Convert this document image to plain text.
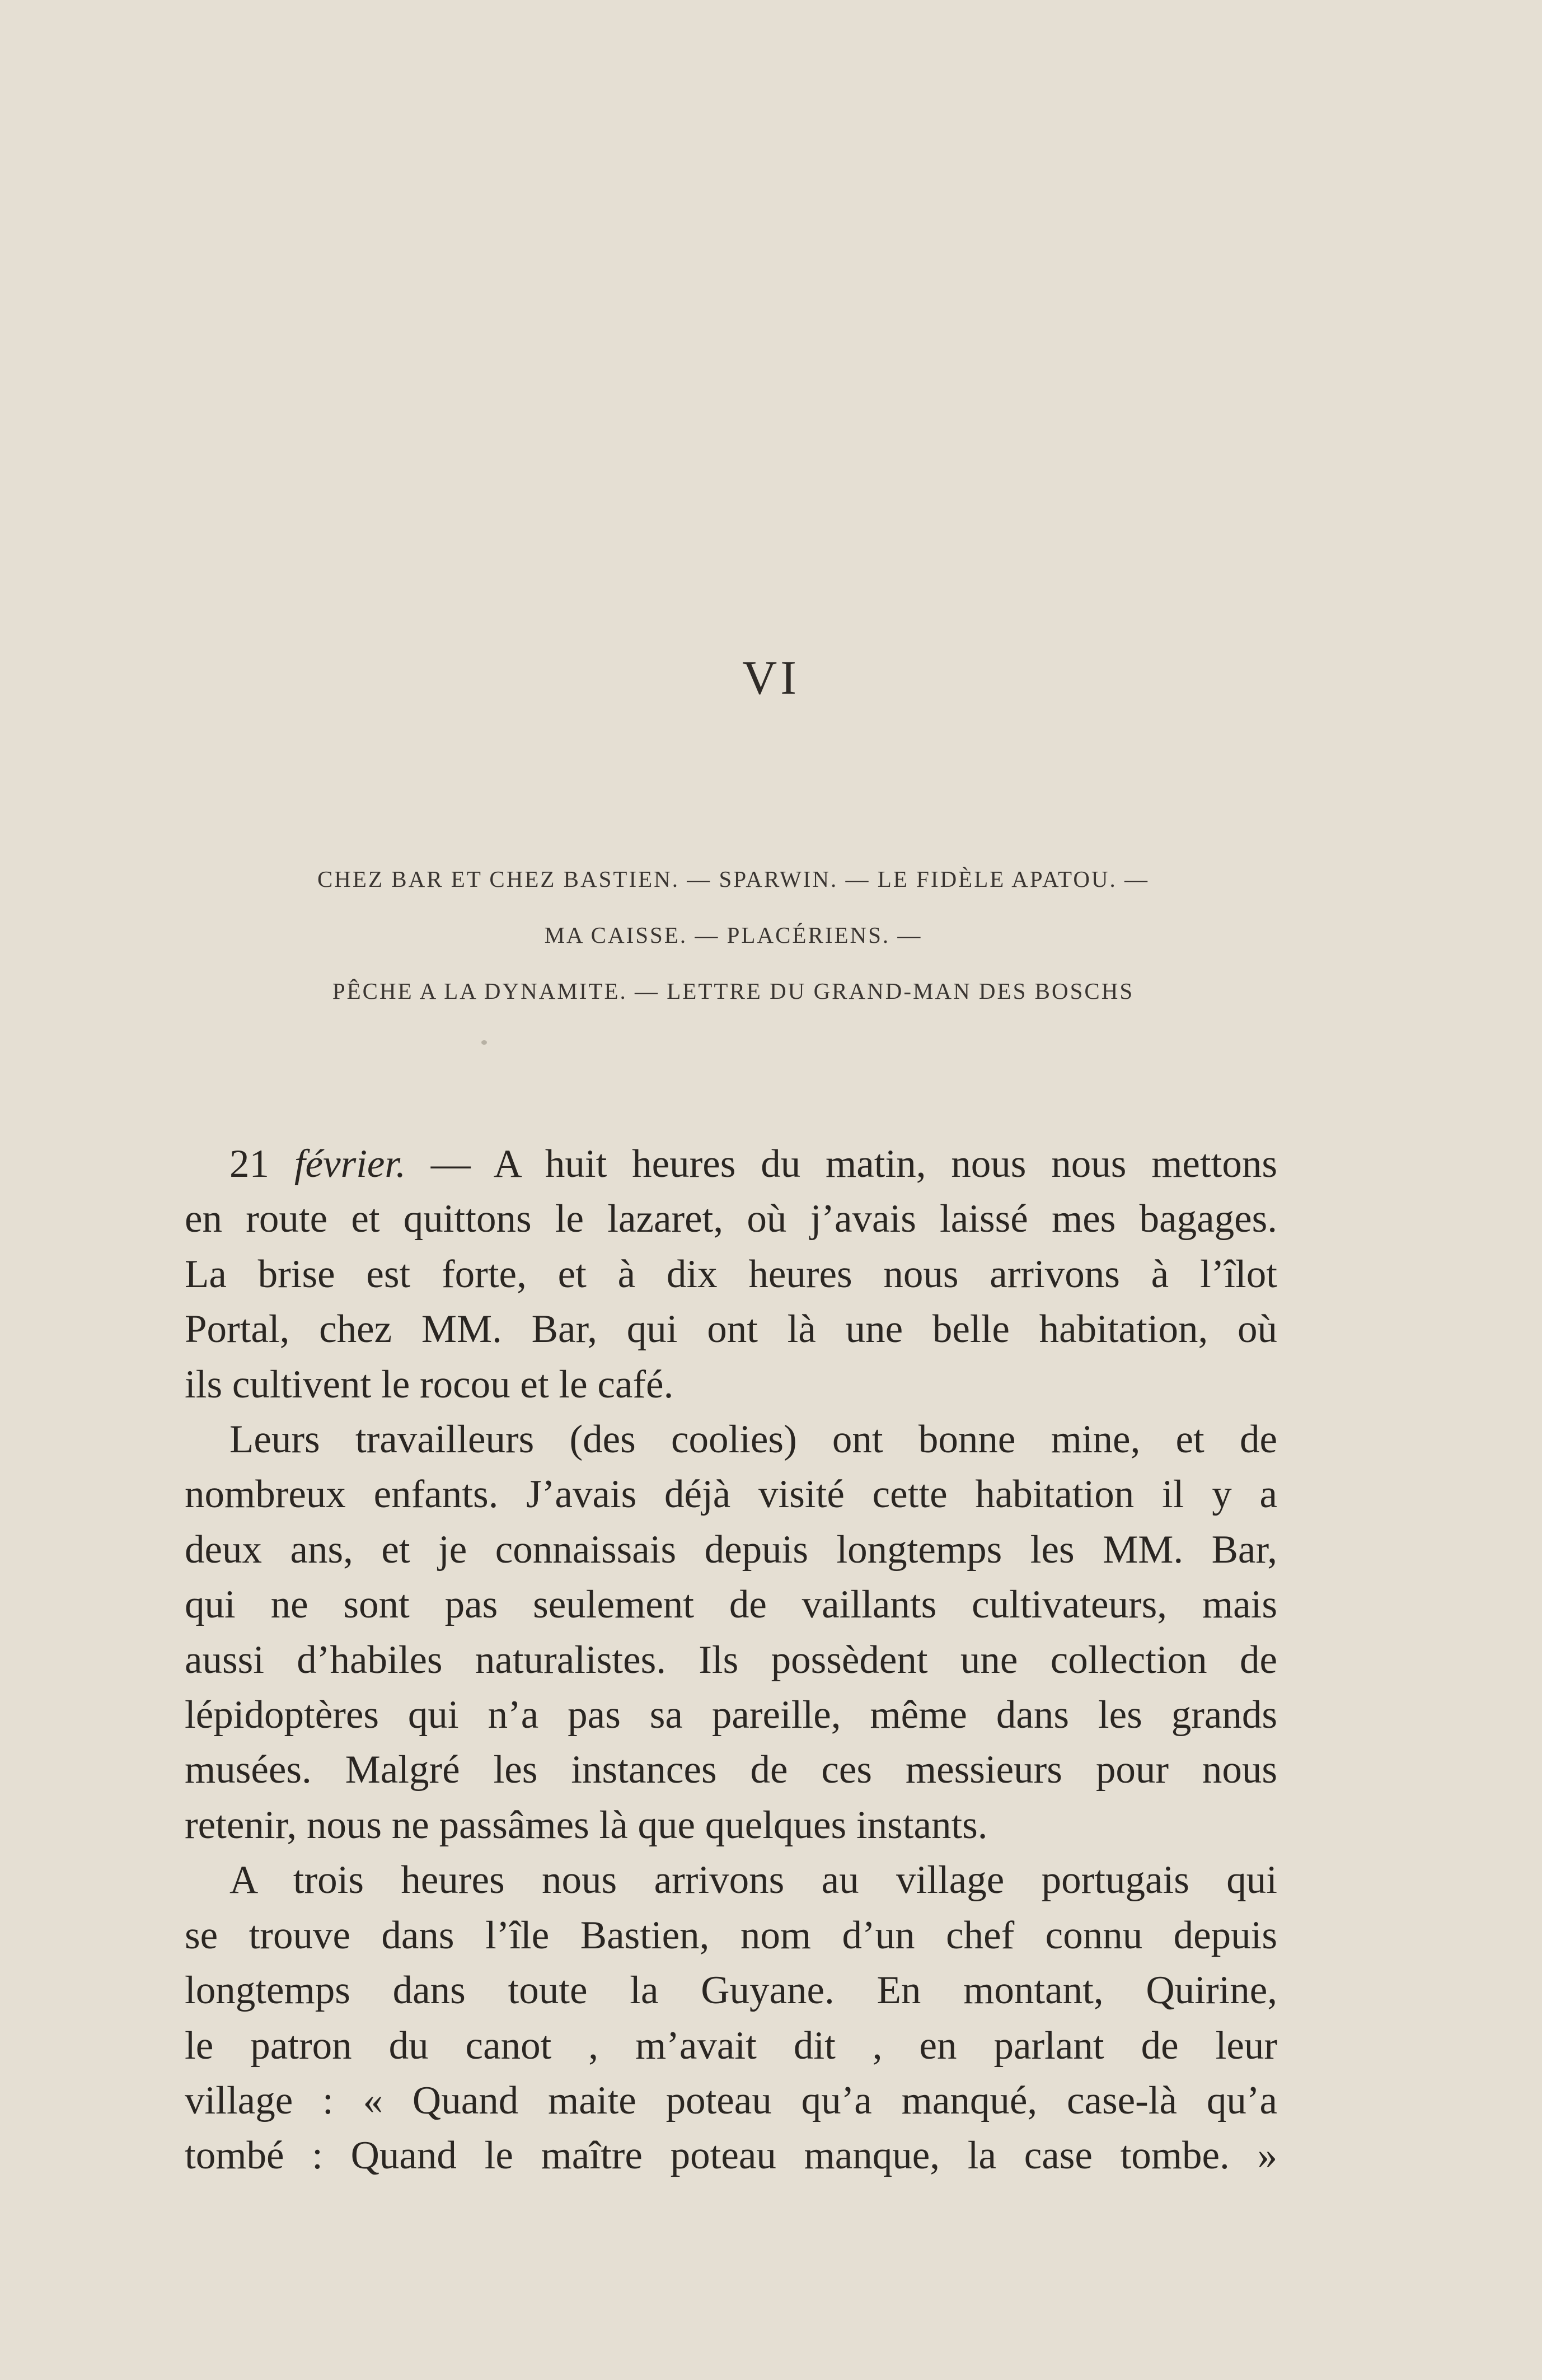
VI
CHEZ BAR ET CHEZ BASTIEN. — SPARWIN. — LE FIDÈLE APATOU. —
MA CAISSE. — PLACÉRIENS. —
PÊCHE A LA DYNAMITE. — LETTRE DU GRAND-MAN DES BOSCHS

21 février. — A huit heures du matin, nous nous mettons
en route et quittons le lazaret, où j’avais laissé mes bagages.
La brise est forte, et à dix heures nous arrivons à l’îlot
Portal, chez MM. Bar, qui ont là une belle habitation, où
ils cultivent le rocou et le café.

Leurs travailleurs (des coolies) ont bonne mine, et de
nombreux enfants. J’avais déjà visité cette habitation il y a
deux ans, et je connaissais depuis longtemps les MM. Bar,
qui ne sont pas seulement de vaillants cultivateurs, mais
aussi d’habiles naturalistes. Ils possèdent une collection de
lépidoptères qui n’a pas sa pareille, même dans les grands
musées. Malgré les instances de ces messieurs pour nous
retenir, nous ne passâmes là que quelques instants.

A trois heures nous arrivons au village portugais qui
se trouve dans l’île Bastien, nom d’un chef connu depuis
longtemps dans toute la Guyane. En montant, Quirine,
le patron du canot , m’avait dit , en parlant de leur
village : « Quand maite poteau qu’a manqué, case-là qu’a
tombé : Quand le maître poteau manque, la case tombe. »
